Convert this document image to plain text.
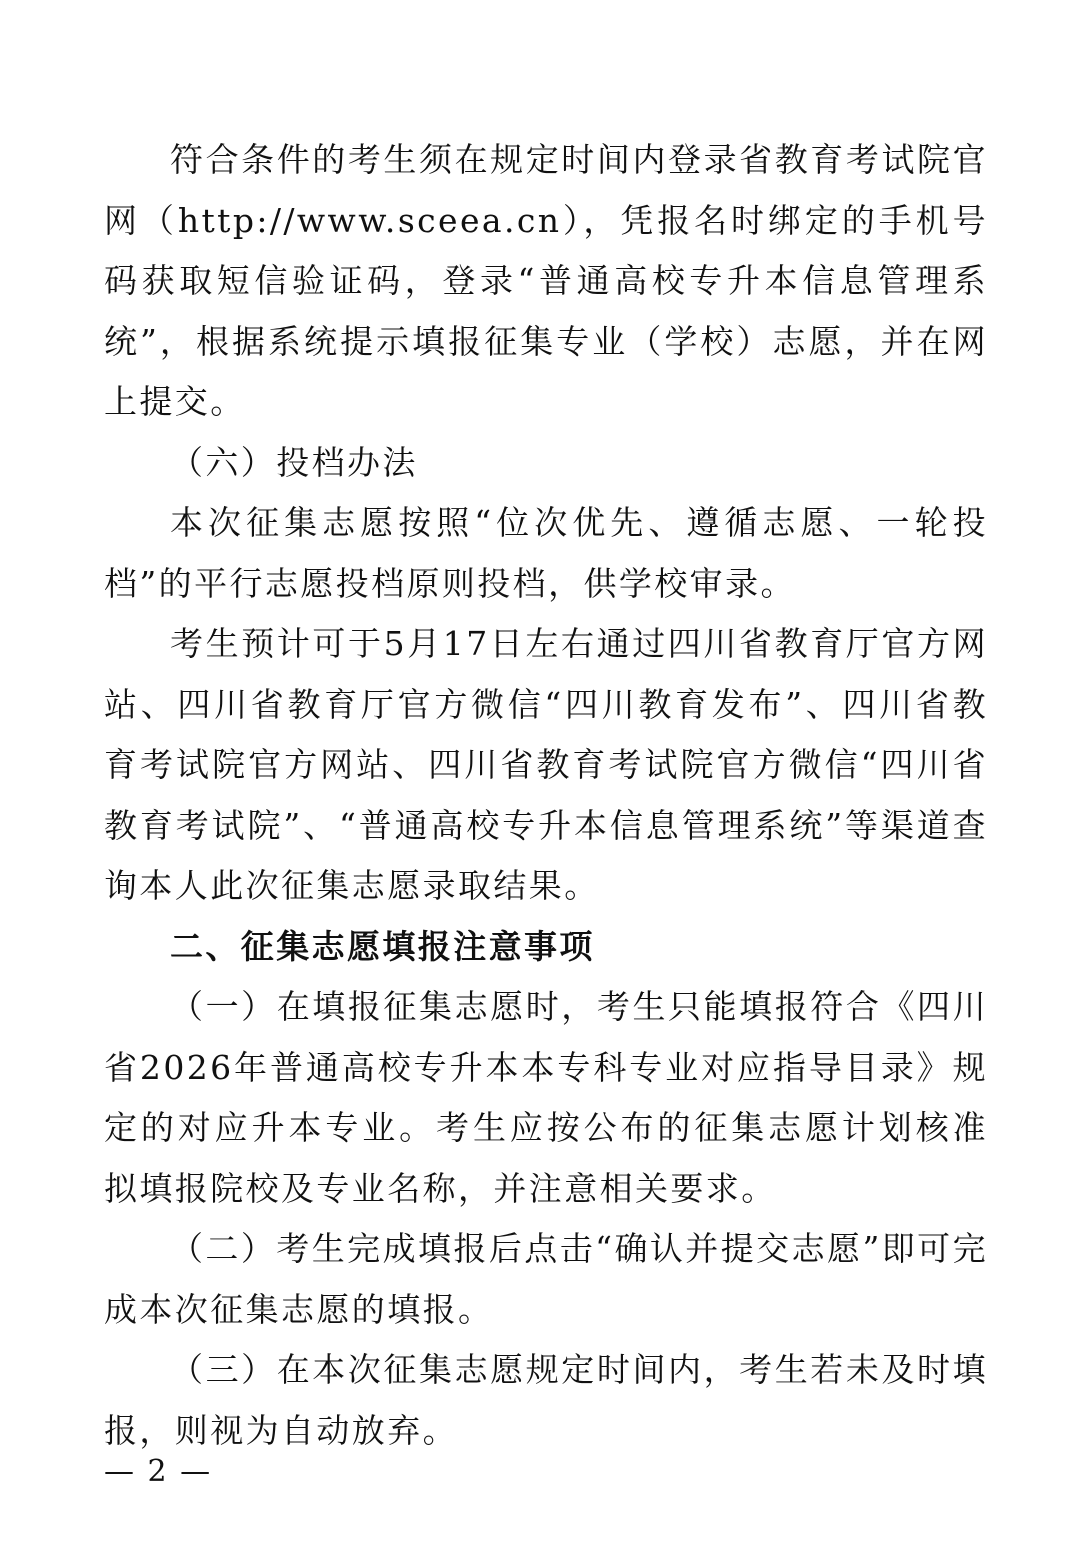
符合条件的考生须在规定时间内登录省教育考试院官网（http://www.sceea.cn），凭报名时绑定的手机号码获取短信验证码，登录“普通高校专升本信息管理系统”，根据系统提示填报征集专业（学校）志愿，并在网上提交。

（六）投档办法

本次征集志愿按照“位次优先、遵循志愿、一轮投档”的平行志愿投档原则投档，供学校审录。

考生预计可于5月17日左右通过四川省教育厅官方网站、四川省教育厅官方微信“四川教育发布”、四川省教育考试院官方网站、四川省教育考试院官方微信“四川省教育考试院”、“普通高校专升本信息管理系统”等渠道查询本人此次征集志愿录取结果。

二、征集志愿填报注意事项

（一）在填报征集志愿时，考生只能填报符合《四川省2026年普通高校专升本本专科专业对应指导目录》规定的对应升本专业。考生应按公布的征集志愿计划核准拟填报院校及专业名称，并注意相关要求。

（二）考生完成填报后点击“确认并提交志愿”即可完成本次征集志愿的填报。

（三）在本次征集志愿规定时间内，考生若未及时填报，则视为自动放弃。

— 2 —
